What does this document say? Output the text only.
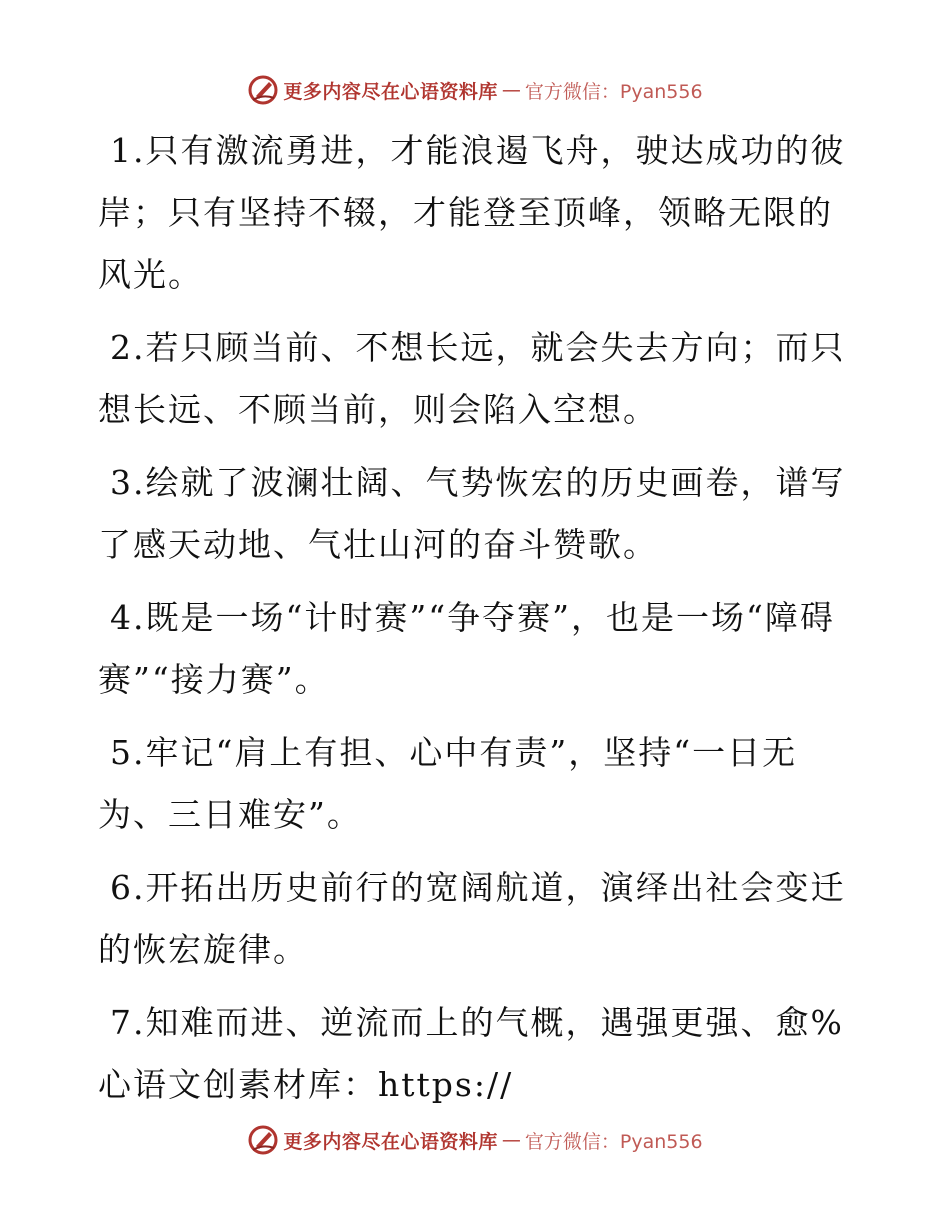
更多内容尽在心语资料库 — 官方微信：Pyan556

1.只有激流勇进，才能浪遏飞舟，驶达成功的彼岸；只有坚持不辍，才能登至顶峰，领略无限的风光。

2.若只顾当前、不想长远，就会失去方向；而只想长远、不顾当前，则会陷入空想。

3.绘就了波澜壮阔、气势恢宏的历史画卷，谱写了感天动地、气壮山河的奋斗赞歌。

4.既是一场“计时赛”“争夺赛”，也是一场“障碍赛”“接力赛”。

5.牢记“肩上有担、心中有责”，坚持“一日无为、三日难安”。

6.开拓出历史前行的宽阔航道，演绎出社会变迁的恢宏旋律。

7.知难而进、逆流而上的气概，遇强更强、愈%心语文创素材库：https://

更多内容尽在心语资料库 — 官方微信：Pyan556
